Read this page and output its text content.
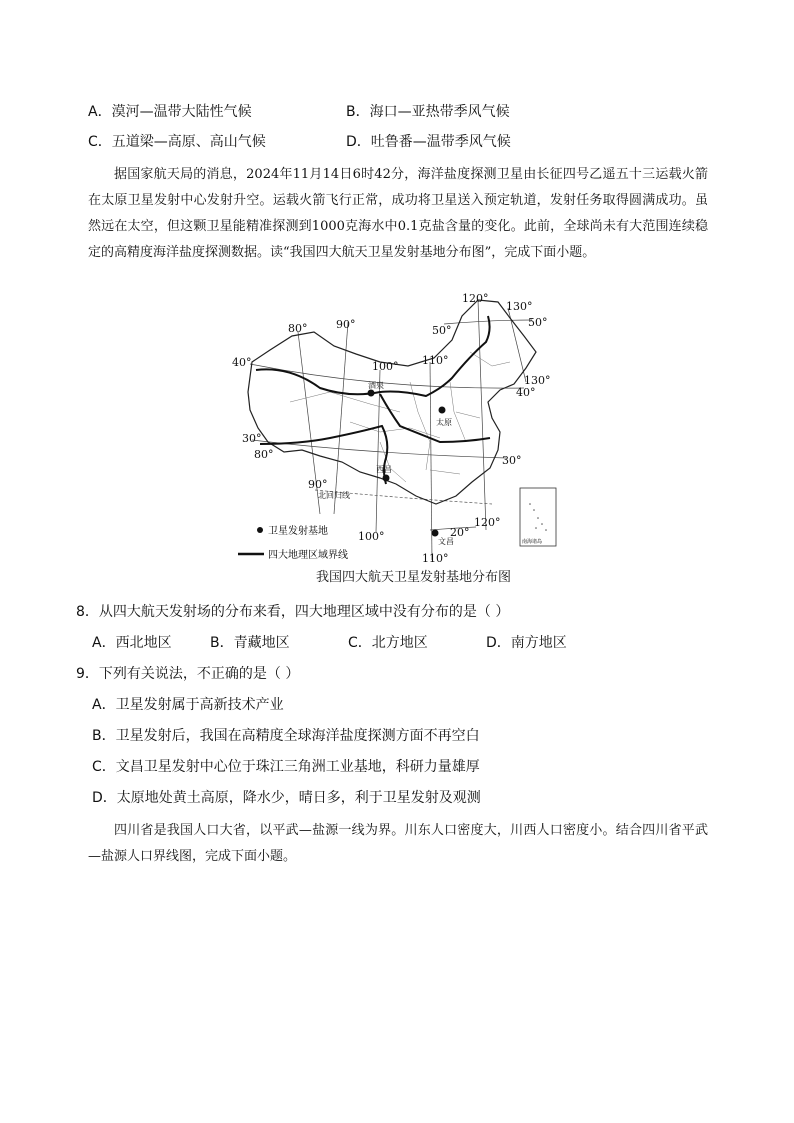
A．漠河—温带大陆性气候	B．海口—亚热带季风气候
C．五道梁—高原、高山气候	D．吐鲁番—温带季风气候

据国家航天局的消息，2024年11月14日6时42分，海洋盐度探测卫星由长征四号乙遥五十三运载火箭在太原卫星发射中心发射升空。运载火箭飞行正常，成功将卫星送入预定轨道，发射任务取得圆满成功。虽然远在太空，但这颗卫星能精准探测到1000克海水中0.1克盐含量的变化。此前，全球尚未有大范围连续稳定的高精度海洋盐度探测数据。读“我国四大航天卫星发射基地分布图”，完成下面小题。

南海诸岛
酒泉
太原
西昌
文昌
北回归线
80°	90°
100° 110°
120°
130°
80°
90°
100°
110°
120°
130°
50°
50°
40°
40°
30°
30°
20°
卫星发射基地
四大地理区域界线
我国四大航天卫星发射基地分布图
8．从四大航天发射场的分布来看，四大地理区域中没有分布的是（ ）
A．西北地区	B．青藏地区	C．北方地区	D．南方地区
9．下列有关说法，不正确的是（ ）
A．卫星发射属于高新技术产业
B．卫星发射后，我国在高精度全球海洋盐度探测方面不再空白
C．文昌卫星发射中心位于珠江三角洲工业基地，科研力量雄厚
D．太原地处黄土高原，降水少，晴日多，利于卫星发射及观测

四川省是我国人口大省，以平武—盐源一线为界。川东人口密度大，川西人口密度小。结合四川省平武—盐源人口界线图，完成下面小题。
